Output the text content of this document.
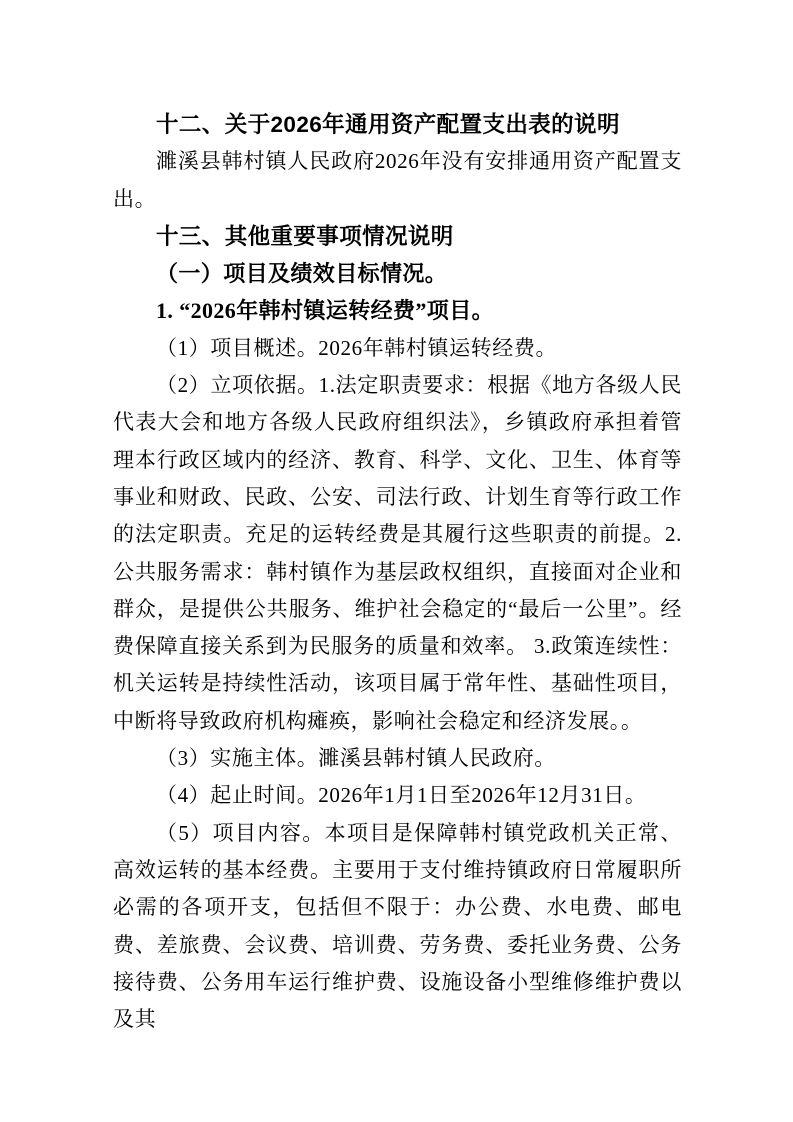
十二、关于2026年通用资产配置支出表的说明

濉溪县韩村镇人民政府2026年没有安排通用资产配置支出。

十三、其他重要事项情况说明

（一）项目及绩效目标情况。

1. “2026年韩村镇运转经费”项目。

（1）项目概述。2026年韩村镇运转经费。

（2）立项依据。1.法定职责要求：根据《地方各级人民代表大会和地方各级人民政府组织法》，乡镇政府承担着管理本行政区域内的经济、教育、科学、文化、卫生、体育等事业和财政、民政、公安、司法行政、计划生育等行政工作的法定职责。充足的运转经费是其履行这些职责的前提。2.公共服务需求：韩村镇作为基层政权组织，直接面对企业和群众，是提供公共服务、维护社会稳定的“最后一公里”。经费保障直接关系到为民服务的质量和效率。 3.政策连续性：机关运转是持续性活动，该项目属于常年性、基础性项目，中断将导致政府机构瘫痪，影响社会稳定和经济发展。。

（3）实施主体。濉溪县韩村镇人民政府。

（4）起止时间。2026年1月1日至2026年12月31日。

（5）项目内容。本项目是保障韩村镇党政机关正常、高效运转的基本经费。主要用于支付维持镇政府日常履职所必需的各项开支，包括但不限于：办公费、水电费、邮电费、差旅费、会议费、培训费、劳务费、委托业务费、公务接待费、公务用车运行维护费、设施设备小型维修维护费以及其
